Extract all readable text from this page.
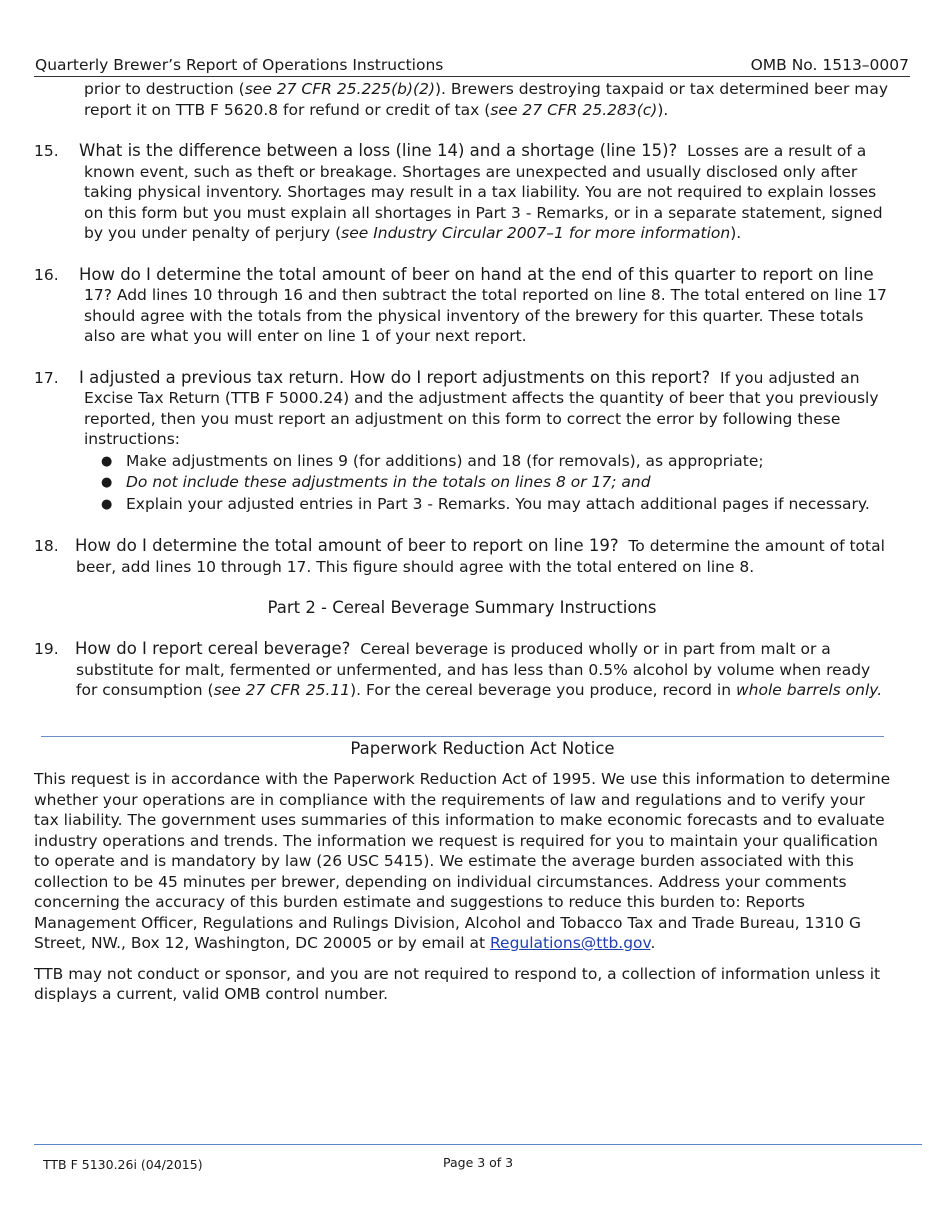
Quarterly Brewer’s Report of Operations Instructions	OMB No. 1513–0007

prior to destruction (see 27 CFR 25.225(b)(2)). Brewers destroying taxpaid or tax determined beer may report it on TTB F 5620.8 for refund or credit of tax (see 27 CFR 25.283(c)).

15.	What is the difference between a loss (line 14) and a shortage (line 15)? Losses are a result of a

known event, such as theft or breakage. Shortages are unexpected and usually disclosed only after taking physical inventory. Shortages may result in a tax liability. You are not required to explain losses on this form but you must explain all shortages in Part 3 - Remarks, or in a separate statement, signed by you under penalty of perjury (see Industry Circular 2007–1 for more information).

16.	How do I determine the total amount of beer on hand at the end of this quarter to report on line

17? Add lines 10 through 16 and then subtract the total reported on line 8. The total entered on line 17 should agree with the totals from the physical inventory of the brewery for this quarter. These totals also are what you will enter on line 1 of your next report.

17.	I adjusted a previous tax return. How do I report adjustments on this report? If you adjusted an

Excise Tax Return (TTB F 5000.24) and the adjustment affects the quantity of beer that you previously reported, then you must report an adjustment on this form to correct the error by following these instructions:

● Make adjustments on lines 9 (for additions) and 18 (for removals), as appropriate;
● Do not include these adjustments in the totals on lines 8 or 17; and
● Explain your adjusted entries in Part 3 - Remarks. You may attach additional pages if necessary.
18. How do I determine the total amount of beer to report on line 19? To determine the amount of total

beer, add lines 10 through 17. This figure should agree with the total entered on line 8.

Part 2 - Cereal Beverage Summary Instructions
19. How do I report cereal beverage? Cereal beverage is produced wholly or in part from malt or a

substitute for malt, fermented or unfermented, and has less than 0.5% alcohol by volume when ready for consumption (see 27 CFR 25.11). For the cereal beverage you produce, record in whole barrels only.

Paperwork Reduction Act Notice

This request is in accordance with the Paperwork Reduction Act of 1995. We use this information to determine whether your operations are in compliance with the requirements of law and regulations and to verify your tax liability. The government uses summaries of this information to make economic forecasts and to evaluate industry operations and trends. The information we request is required for you to maintain your qualification to operate and is mandatory by law (26 USC 5415). We estimate the average burden associated with this collection to be 45 minutes per brewer, depending on individual circumstances. Address your comments concerning the accuracy of this burden estimate and suggestions to reduce this burden to: Reports Management Officer, Regulations and Rulings Division, Alcohol and Tobacco Tax and Trade Bureau, 1310 G Street, NW., Box 12, Washington, DC 20005 or by email at Regulations@ttb.gov.

TTB may not conduct or sponsor, and you are not required to respond to, a collection of information unless it displays a current, valid OMB control number.

TTB F 5130.26i (04/2015)	Page 3 of 3
